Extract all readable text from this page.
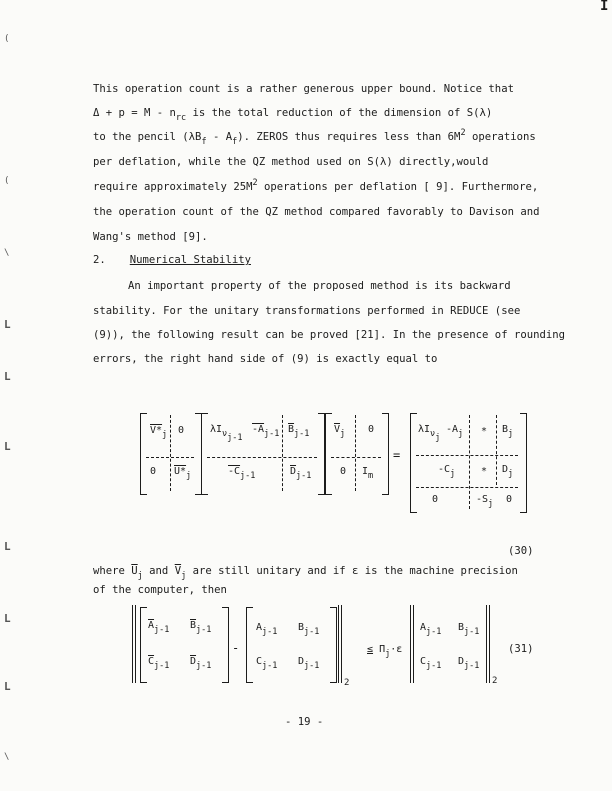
I
(
(
\
L
L
L
L
L
L
\
This operation count is a rather generous upper bound. Notice that
$\Delta + p = M - n_{rc}$ is the total reduction of the dimension of S(λ)
to the pencil $(\lambda B_f - A_f)$. ZEROS thus requires less than $6M^2$ operations
per deflation, while the QZ method used on S(λ) directly,would
require approximately $25M^2$ operations per deflation [ 9]. Furthermore,
the operation count of the QZ method compared favorably to Davison and
Wang's method [9].
2. Numerical Stability
An important property of the proposed method is its backward
stability. For the unitary transformations performed in REDUCE (see
(9)), the following result can be proved [21]. In the presence of rounding
errors, the right hand side of (9) is exactly equal to
$V*_j$ 0
0 $U*_j$
$\lambda I_{\nu j-1}$
$-A_{j-1}$ $\overline{B}_{j-1}$
$-C_{j-1}$	$\overline{D}_{j-1}$
$\overline{V}_j$ 0
0 $I_m$
=
$\lambda I_{\nu j}$
$-A_j * B_j$
$-C_j$	* $D_j$
0	$-S_j$ 0
(30)
where $\overline{U}_j$ and $\overline{V}_j$ are still unitary and if ε is the machine precision
of the computer, then
$\overline{A}_{j-1}$ $\overline{B}_{j-1}$
$\overline{C}_{j-1}$ $\overline{D}_{j-1}$
-
$A_{j-1}$ $B_{j-1}$
$C_{j-1}$ $D_{j-1}$
2
≤ $\Pi_j\cdot\varepsilon$
$A_{j-1}$ $B_{j-1}$
$C_{j-1}$ $D_{j-1}$
2
(31)
- 19 -
